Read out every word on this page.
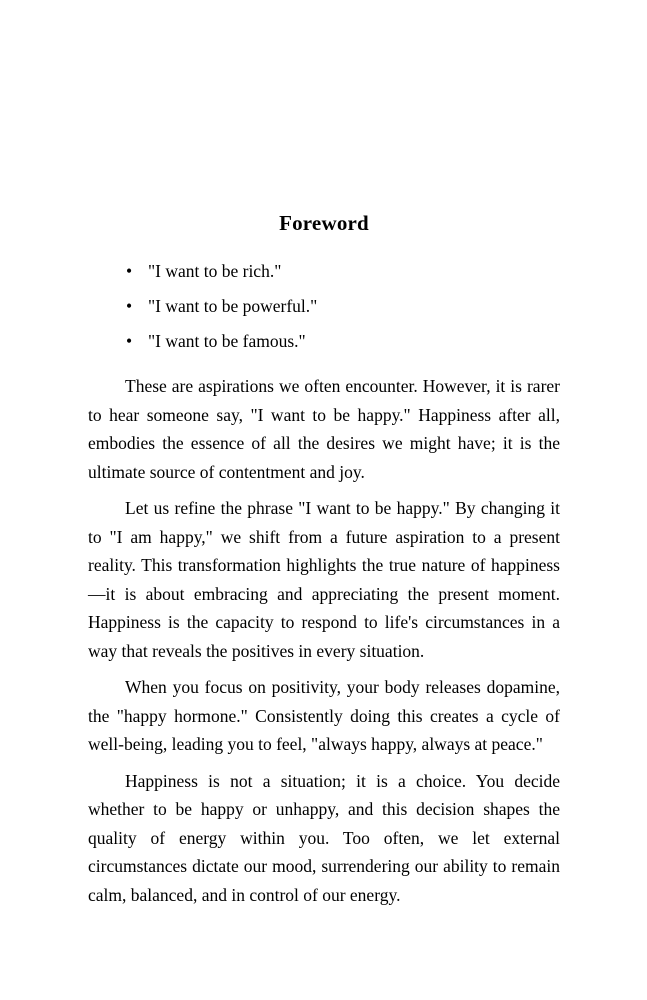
Foreword
• "I want to be rich."
• "I want to be powerful."
• "I want to be famous."

These are aspirations we often encounter. However, it is rarer to hear someone say, "I want to be happy." Happiness after all, embodies the essence of all the desires we might have; it is the ultimate source of contentment and joy.

Let us refine the phrase "I want to be happy." By changing it to "I am happy," we shift from a future aspiration to a present reality. This transformation highlights the true nature of happiness—it is about embracing and appreciating the present moment. Happiness is the capacity to respond to life's circumstances in a way that reveals the positives in every situation.

When you focus on positivity, your body releases dopamine, the "happy hormone." Consistently doing this creates a cycle of well-being, leading you to feel, "always happy, always at peace."

Happiness is not a situation; it is a choice. You decide whether to be happy or unhappy, and this decision shapes the quality of energy within you. Too often, we let external circumstances dictate our mood, surrendering our ability to remain calm, balanced, and in control of our energy.
